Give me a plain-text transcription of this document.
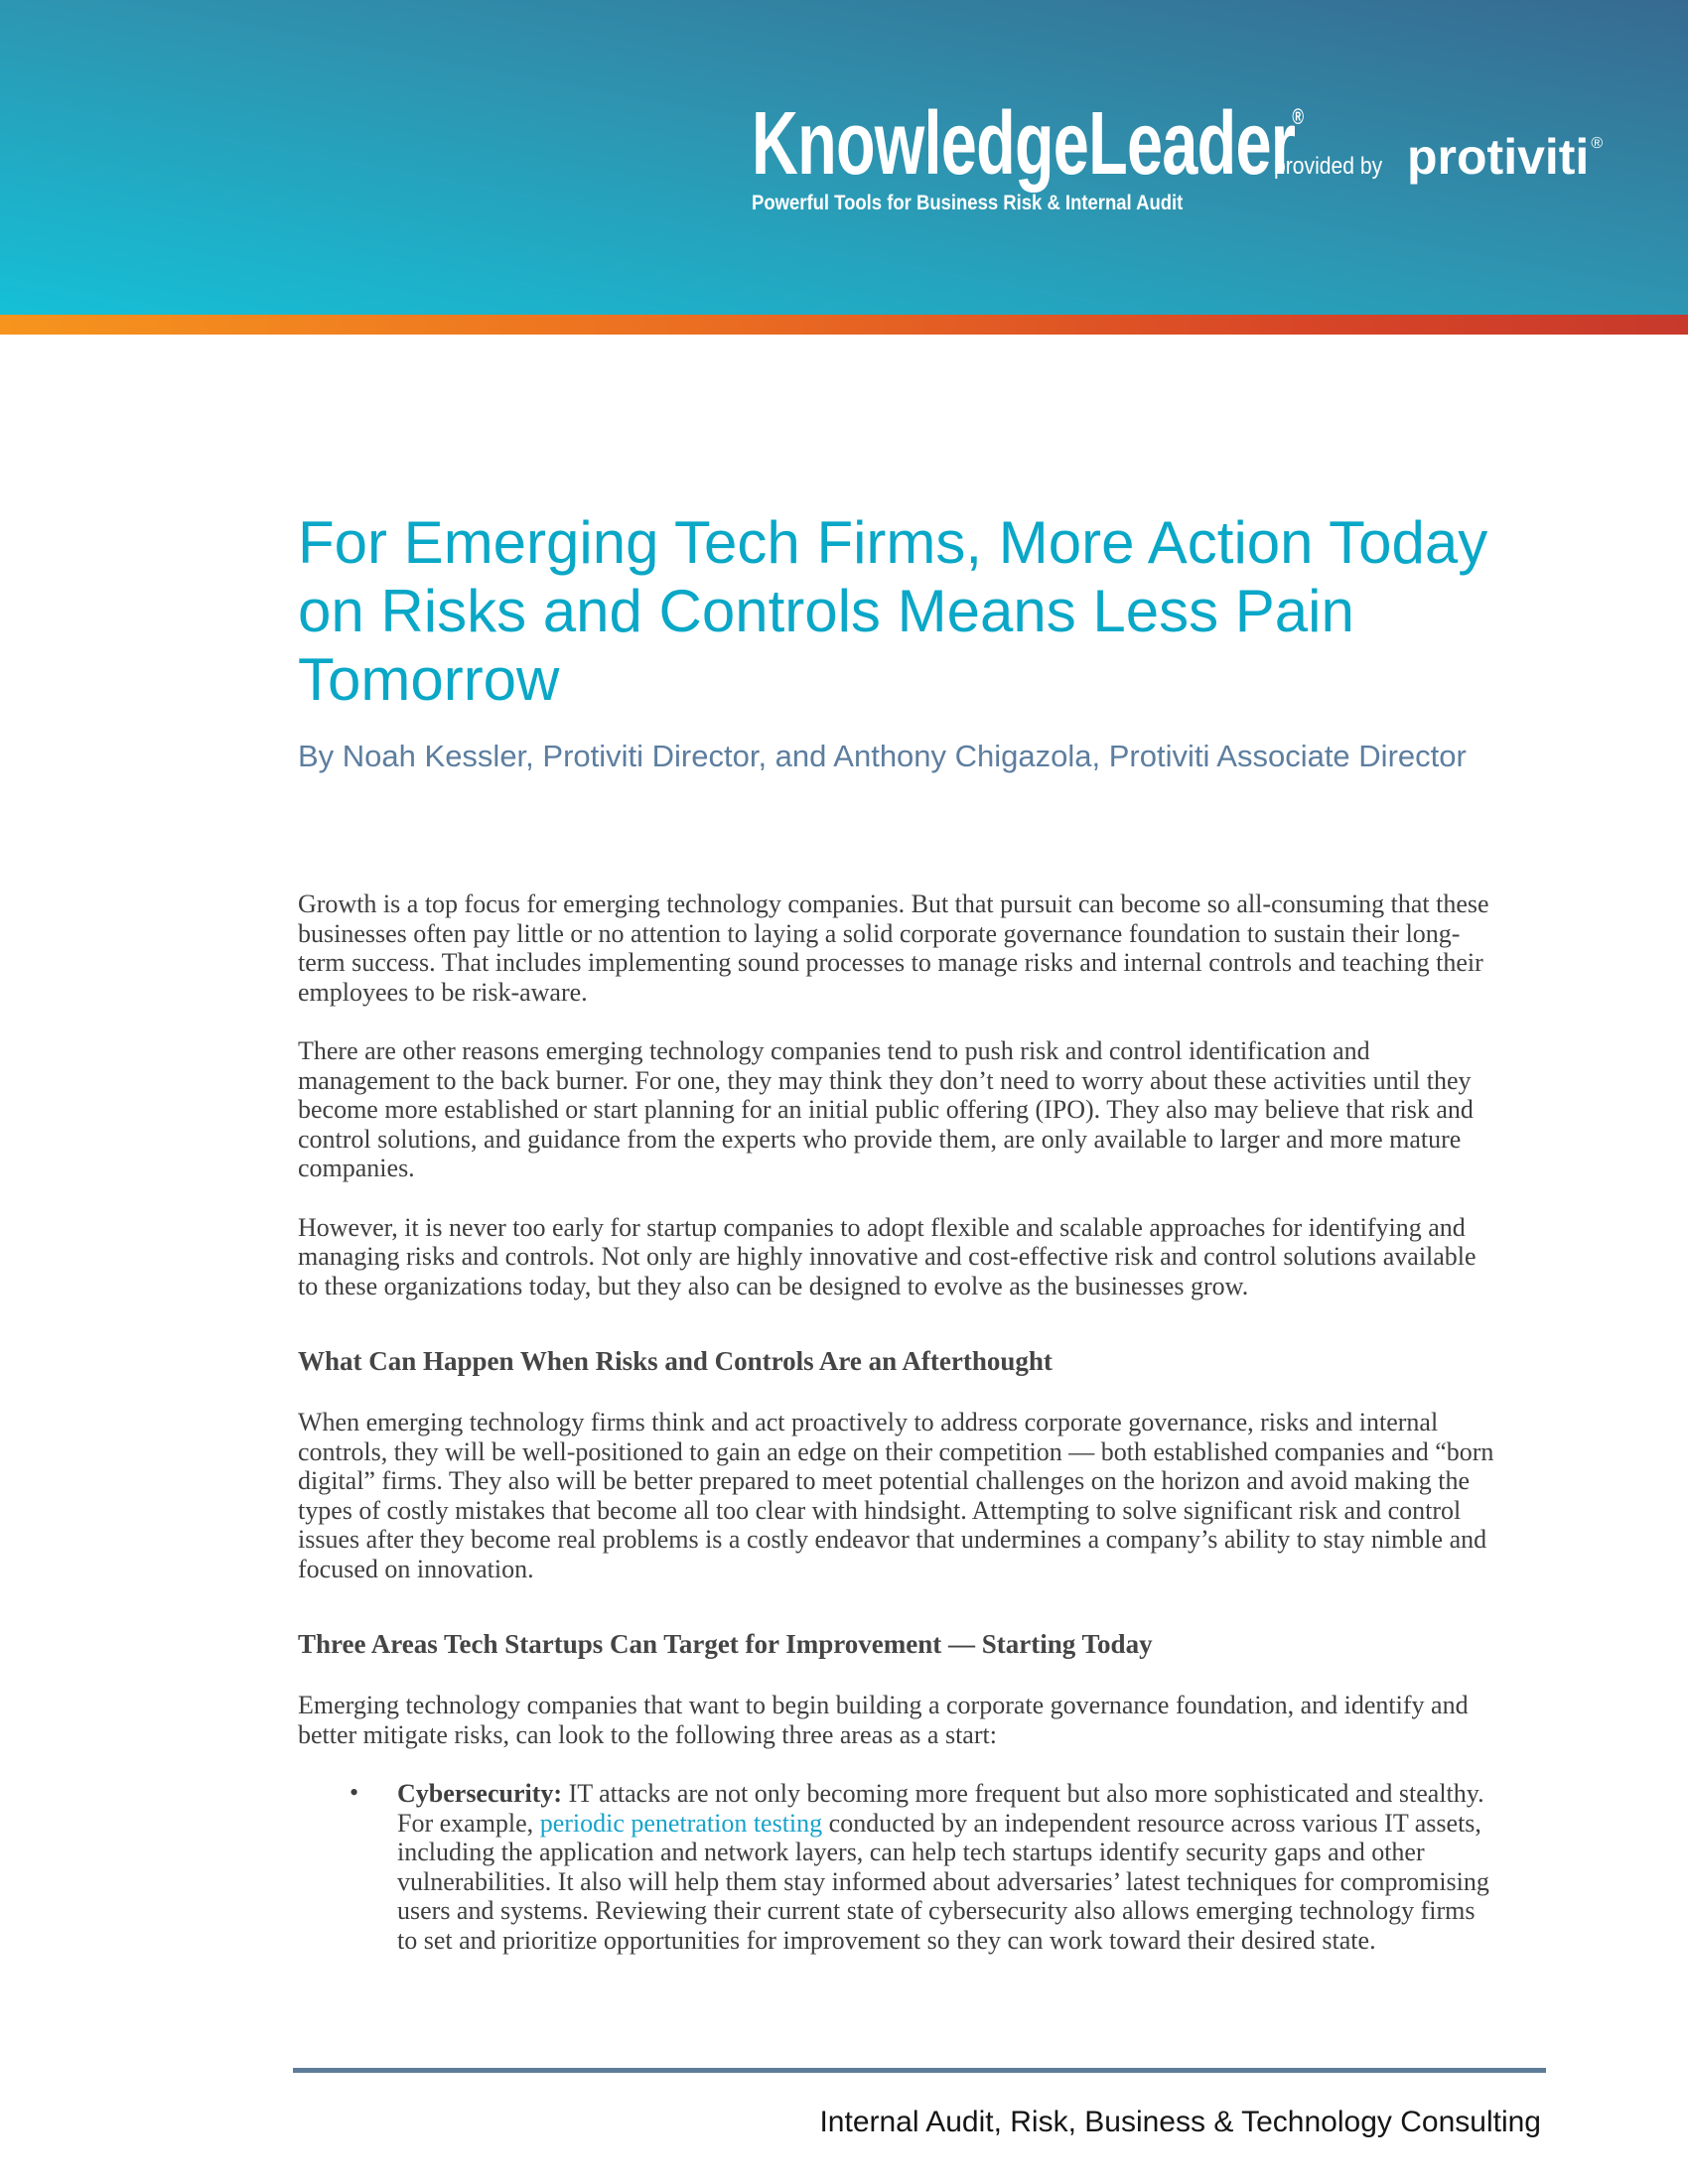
KnowledgeLeader®
provided by protiviti ®
Powerful Tools for Business Risk & Internal Audit
For Emerging Tech Firms, More Action Today on Risks and Controls Means Less Pain Tomorrow
By Noah Kessler, Protiviti Director, and Anthony Chigazola, Protiviti Associate Director

Growth is a top focus for emerging technology companies. But that pursuit can become so all-consuming that these businesses often pay little or no attention to laying a solid corporate governance foundation to sustain their long-term success. That includes implementing sound processes to manage risks and internal controls and teaching their employees to be risk-aware.

There are other reasons emerging technology companies tend to push risk and control identification and management to the back burner. For one, they may think they don’t need to worry about these activities until they become more established or start planning for an initial public offering (IPO). They also may believe that risk and control solutions, and guidance from the experts who provide them, are only available to larger and more mature companies.

However, it is never too early for startup companies to adopt flexible and scalable approaches for identifying and managing risks and controls. Not only are highly innovative and cost-effective risk and control solutions available to these organizations today, but they also can be designed to evolve as the businesses grow.

What Can Happen When Risks and Controls Are an Afterthought

When emerging technology firms think and act proactively to address corporate governance, risks and internal controls, they will be well-positioned to gain an edge on their competition — both established companies and “born digital” firms. They also will be better prepared to meet potential challenges on the horizon and avoid making the types of costly mistakes that become all too clear with hindsight. Attempting to solve significant risk and control issues after they become real problems is a costly endeavor that undermines a company’s ability to stay nimble and focused on innovation.

Three Areas Tech Startups Can Target for Improvement — Starting Today

Emerging technology companies that want to begin building a corporate governance foundation, and identify and better mitigate risks, can look to the following three areas as a start:

• Cybersecurity: IT attacks are not only becoming more frequent but also more sophisticated and stealthy. For example, periodic penetration testing conducted by an independent resource across various IT assets, including the application and network layers, can help tech startups identify security gaps and other vulnerabilities. It also will help them stay informed about adversaries’ latest techniques for compromising users and systems. Reviewing their current state of cybersecurity also allows emerging technology firms to set and prioritize opportunities for improvement so they can work toward their desired state.
Internal Audit, Risk, Business & Technology Consulting
